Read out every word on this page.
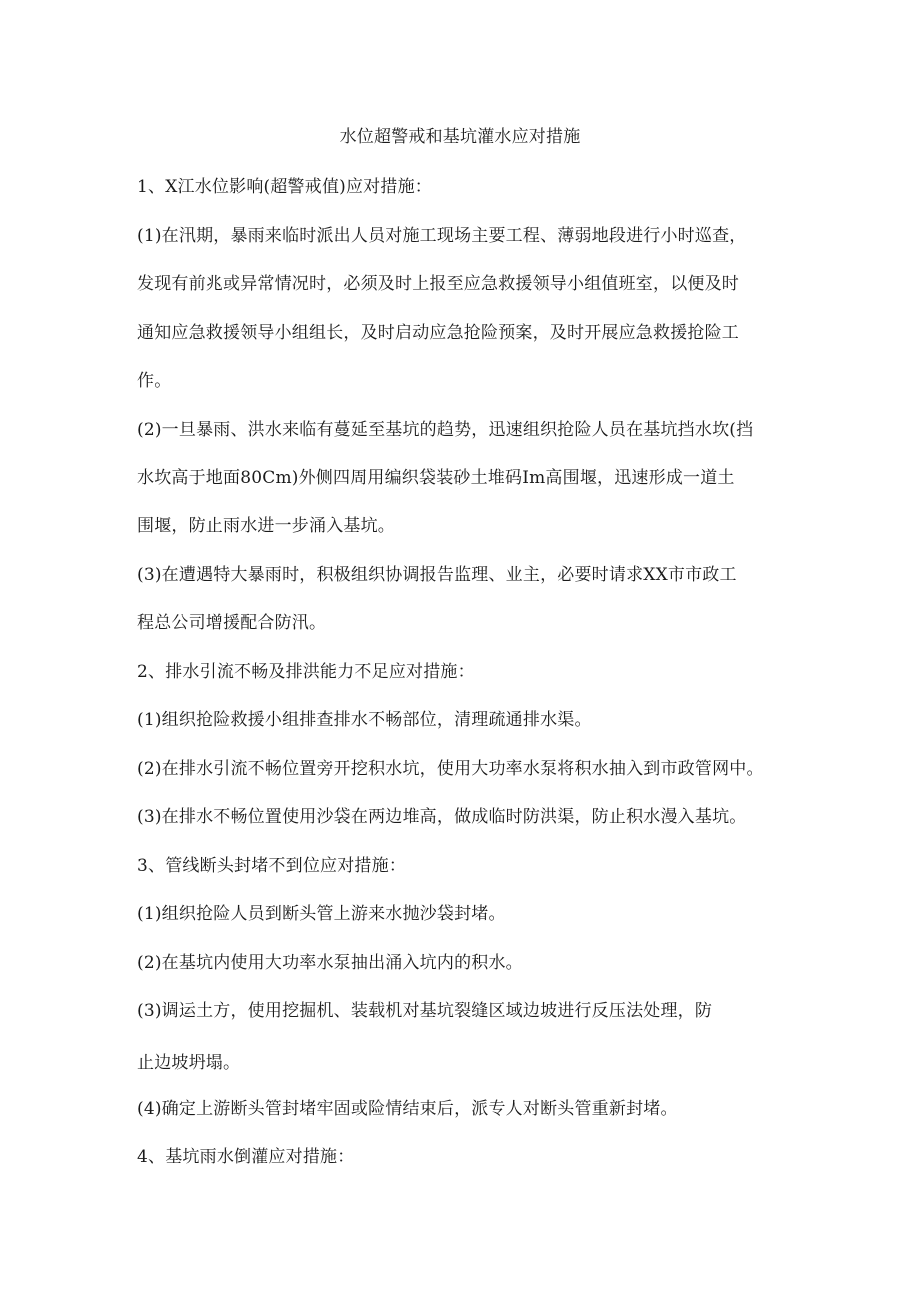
水位超警戒和基坑灌水应对措施
1、X江水位影响(超警戒值)应对措施：
(1)在汛期，暴雨来临时派出人员对施工现场主要工程、薄弱地段进行小时巡查，
发现有前兆或异常情况时，必须及时上报至应急救援领导小组值班室，以便及时
通知应急救援领导小组组长，及时启动应急抢险预案，及时开展应急救援抢险工
作。
(2)一旦暴雨、洪水来临有蔓延至基坑的趋势，迅速组织抢险人员在基坑挡水坎(挡
水坎高于地面80Cm)外侧四周用编织袋装砂土堆码Im高围堰，迅速形成一道土
围堰，防止雨水进一步涌入基坑。
(3)在遭遇特大暴雨时，积极组织协调报告监理、业主，必要时请求XX市市政工
程总公司增援配合防汛。
2、排水引流不畅及排洪能力不足应对措施：
(1)组织抢险救援小组排查排水不畅部位，清理疏通排水渠。
(2)在排水引流不畅位置旁开挖积水坑，使用大功率水泵将积水抽入到市政管网中。
(3)在排水不畅位置使用沙袋在两边堆高，做成临时防洪渠，防止积水漫入基坑。
3、管线断头封堵不到位应对措施：
(1)组织抢险人员到断头管上游来水抛沙袋封堵。
(2)在基坑内使用大功率水泵抽出涌入坑内的积水。
(3)调运土方，使用挖掘机、装载机对基坑裂缝区域边坡进行反压法处理，防
止边坡坍塌。
(4)确定上游断头管封堵牢固或险情结束后，派专人对断头管重新封堵。
4、基坑雨水倒灌应对措施：
